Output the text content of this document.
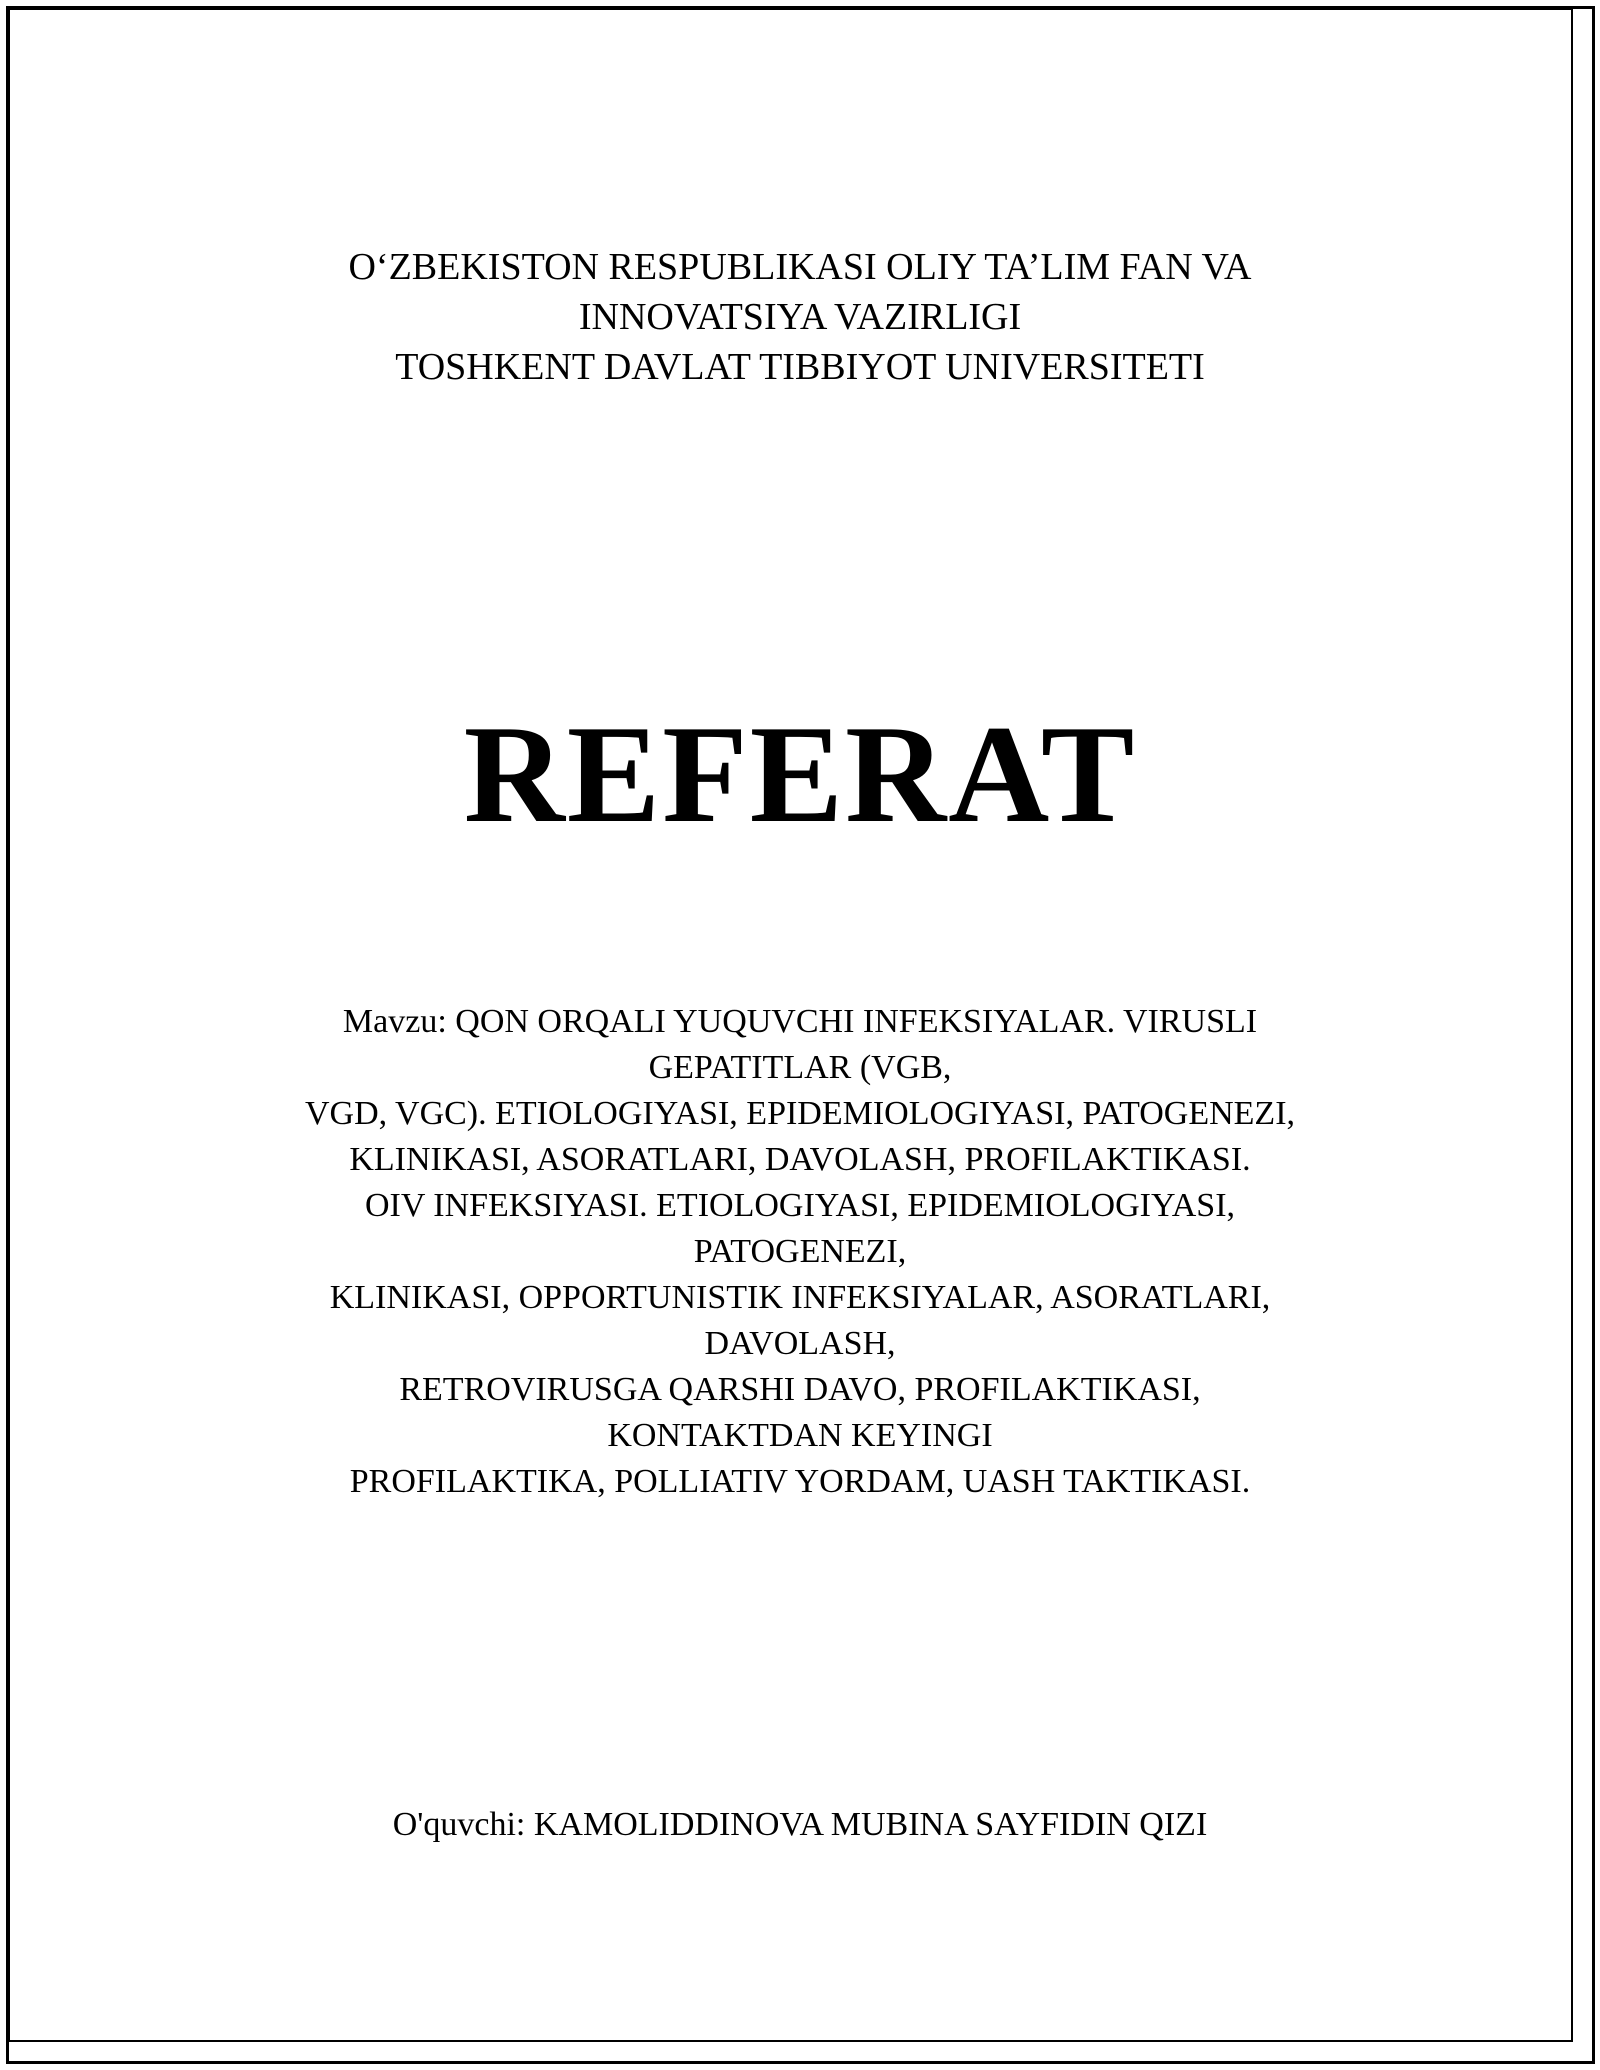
O‘ZBEKISTON RESPUBLIKASI OLIY TA’LIM FAN VA
INNOVATSIYA VAZIRLIGI
TOSHKENT DAVLAT TIBBIYOT UNIVERSITETI
REFERAT
Mavzu: QON ORQALI YUQUVCHI INFEKSIYALAR. VIRUSLI
GEPATITLAR (VGB,
VGD, VGC). ETIOLOGIYASI, EPIDEMIOLOGIYASI, PATOGENEZI,
KLINIKASI, ASORATLARI, DAVOLASH, PROFILAKTIKASI.
OIV INFEKSIYASI. ETIOLOGIYASI, EPIDEMIOLOGIYASI,
PATOGENEZI,
KLINIKASI, OPPORTUNISTIK INFEKSIYALAR, ASORATLARI,
DAVOLASH,
RETROVIRUSGA QARSHI DAVO, PROFILAKTIKASI,
KONTAKTDAN KEYINGI
PROFILAKTIKA, POLLIATIV YORDAM, UASH TAKTIKASI.
O'quvchi: KAMOLIDDINOVA MUBINA SAYFIDIN QIZI
